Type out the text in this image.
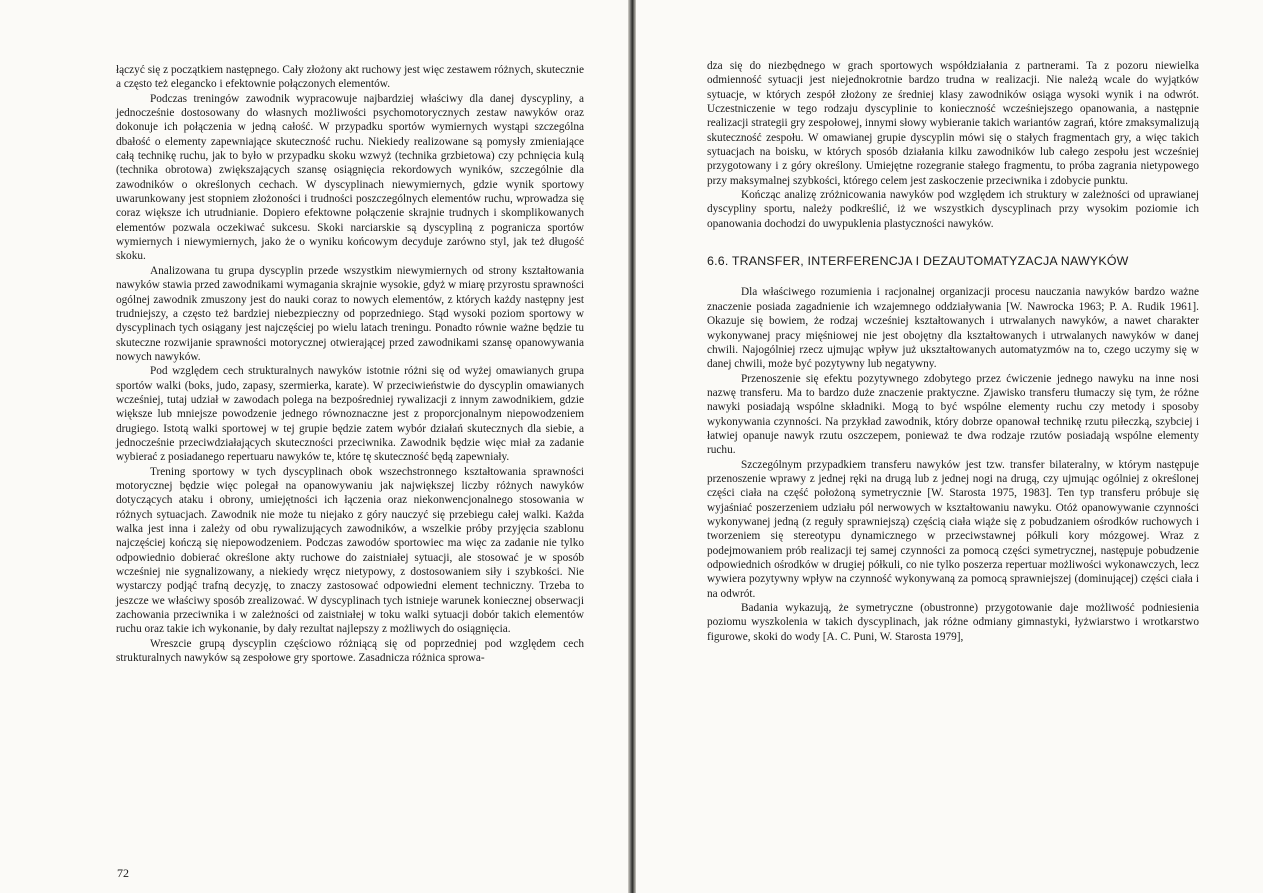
łączyć się z początkiem następnego. Cały złożony akt ruchowy jest więc zestawem różnych, skutecznie a często też elegancko i efektownie połączonych elementów.

Podczas treningów zawodnik wypracowuje najbardziej właściwy dla danej dyscypliny, a jednocześnie dostosowany do własnych możliwości psychomotorycznych zestaw nawyków oraz dokonuje ich połączenia w jedną całość. W przypadku sportów wymiernych wystąpi szczególna dbałość o elementy zapewniające skuteczność ruchu. Niekiedy realizowane są pomysły zmieniające całą technikę ruchu, jak to było w przypadku skoku wzwyż (technika grzbietowa) czy pchnięcia kulą (technika obrotowa) zwiększających szansę osiągnięcia rekordowych wyników, szczególnie dla zawodników o określonych cechach. W dyscyplinach niewymiernych, gdzie wynik sportowy uwarunkowany jest stopniem złożoności i trudności poszczególnych elementów ruchu, wprowadza się coraz większe ich utrudnianie. Dopiero efektowne połączenie skrajnie trudnych i skomplikowanych elementów pozwala oczekiwać sukcesu. Skoki narciarskie są dyscypliną z pogranicza sportów wymiernych i niewymiernych, jako że o wyniku końcowym decyduje zarówno styl, jak też długość skoku.

Analizowana tu grupa dyscyplin przede wszystkim niewymiernych od strony kształtowania nawyków stawia przed zawodnikami wymagania skrajnie wysokie, gdyż w miarę przyrostu sprawności ogólnej zawodnik zmuszony jest do nauki coraz to nowych elementów, z których każdy następny jest trudniejszy, a często też bardziej niebezpieczny od poprzedniego. Stąd wysoki poziom sportowy w dyscyplinach tych osiągany jest najczęściej po wielu latach treningu. Ponadto równie ważne będzie tu skuteczne rozwijanie sprawności motorycznej otwierającej przed zawodnikami szansę opanowywania nowych nawyków.

Pod względem cech strukturalnych nawyków istotnie różni się od wyżej omawianych grupa sportów walki (boks, judo, zapasy, szermierka, karate). W przeciwieństwie do dyscyplin omawianych wcześniej, tutaj udział w zawodach polega na bezpośredniej rywalizacji z innym zawodnikiem, gdzie większe lub mniejsze powodzenie jednego równoznaczne jest z proporcjonalnym niepowodzeniem drugiego. Istotą walki sportowej w tej grupie będzie zatem wybór działań skutecznych dla siebie, a jednocześnie przeciwdziałających skuteczności przeciwnika. Zawodnik będzie więc miał za zadanie wybierać z posiadanego repertuaru nawyków te, które tę skuteczność będą zapewniały.

Trening sportowy w tych dyscyplinach obok wszechstronnego kształtowania sprawności motorycznej będzie więc polegał na opanowywaniu jak największej liczby różnych nawyków dotyczących ataku i obrony, umiejętności ich łączenia oraz niekonwencjonalnego stosowania w różnych sytuacjach. Zawodnik nie może tu niejako z góry nauczyć się przebiegu całej walki. Każda walka jest inna i zależy od obu rywalizujących zawodników, a wszelkie próby przyjęcia szablonu najczęściej kończą się niepowodzeniem. Podczas zawodów sportowiec ma więc za zadanie nie tylko odpowiednio dobierać określone akty ruchowe do zaistniałej sytuacji, ale stosować je w sposób wcześniej nie sygnalizowany, a niekiedy wręcz nietypowy, z dostosowaniem siły i szybkości. Nie wystarczy podjąć trafną decyzję, to znaczy zastosować odpowiedni element techniczny. Trzeba to jeszcze we właściwy sposób zrealizować. W dyscyplinach tych istnieje warunek koniecznej obserwacji zachowania przeciwnika i w zależności od zaistniałej w toku walki sytuacji dobór takich elementów ruchu oraz takie ich wykonanie, by dały rezultat najlepszy z możliwych do osiągnięcia.

Wreszcie grupą dyscyplin częściowo różniącą się od poprzedniej pod względem cech strukturalnych nawyków są zespołowe gry sportowe. Zasadnicza różnica sprowa-

72

dza się do niezbędnego w grach sportowych współdziałania z partnerami. Ta z pozoru niewielka odmienność sytuacji jest niejednokrotnie bardzo trudna w realizacji. Nie należą wcale do wyjątków sytuacje, w których zespół złożony ze średniej klasy zawodników osiąga wysoki wynik i na odwrót. Uczestniczenie w tego rodzaju dyscyplinie to konieczność wcześniejszego opanowania, a następnie realizacji strategii gry zespołowej, innymi słowy wybieranie takich wariantów zagrań, które zmaksymalizują skuteczność zespołu. W omawianej grupie dyscyplin mówi się o stałych fragmentach gry, a więc takich sytuacjach na boisku, w których sposób działania kilku zawodników lub całego zespołu jest wcześniej przygotowany i z góry określony. Umiejętne rozegranie stałego fragmentu, to próba zagrania nietypowego przy maksymalnej szybkości, którego celem jest zaskoczenie przeciwnika i zdobycie punktu.

Kończąc analizę zróżnicowania nawyków pod względem ich struktury w zależności od uprawianej dyscypliny sportu, należy podkreślić, iż we wszystkich dyscyplinach przy wysokim poziomie ich opanowania dochodzi do uwypuklenia plastyczności nawyków.

6.6. TRANSFER, INTERFERENCJA I DEZAUTOMATYZACJA NAWYKÓW

Dla właściwego rozumienia i racjonalnej organizacji procesu nauczania nawyków bardzo ważne znaczenie posiada zagadnienie ich wzajemnego oddziaływania [W. Nawrocka 1963; P. A. Rudik 1961]. Okazuje się bowiem, że rodzaj wcześniej kształtowanych i utrwalanych nawyków, a nawet charakter wykonywanej pracy mięśniowej nie jest obojętny dla kształtowanych i utrwalanych nawyków w danej chwili. Najogólniej rzecz ujmując wpływ już ukształtowanych automatyzmów na to, czego uczymy się w danej chwili, może być pozytywny lub negatywny.

Przenoszenie się efektu pozytywnego zdobytego przez ćwiczenie jednego nawyku na inne nosi nazwę transferu. Ma to bardzo duże znaczenie praktyczne. Zjawisko transferu tłumaczy się tym, że różne nawyki posiadają wspólne składniki. Mogą to być wspólne elementy ruchu czy metody i sposoby wykonywania czynności. Na przykład zawodnik, który dobrze opanował technikę rzutu piłeczką, szybciej i łatwiej opanuje nawyk rzutu oszczepem, ponieważ te dwa rodzaje rzutów posiadają wspólne elementy ruchu.

Szczególnym przypadkiem transferu nawyków jest tzw. transfer bilateralny, w którym następuje przenoszenie wprawy z jednej ręki na drugą lub z jednej nogi na drugą, czy ujmując ogólniej z określonej części ciała na część położoną symetrycznie [W. Starosta 1975, 1983]. Ten typ transferu próbuje się wyjaśniać poszerzeniem udziału pól nerwowych w kształtowaniu nawyku. Otóż opanowywanie czynności wykonywanej jedną (z reguły sprawniejszą) częścią ciała wiąże się z pobudzaniem ośrodków ruchowych i tworzeniem się stereotypu dynamicznego w przeciwstawnej półkuli kory mózgowej. Wraz z podejmowaniem prób realizacji tej samej czynności za pomocą części symetrycznej, następuje pobudzenie odpowiednich ośrodków w drugiej półkuli, co nie tylko poszerza repertuar możliwości wykonawczych, lecz wywiera pozytywny wpływ na czynność wykonywaną za pomocą sprawniejszej (dominującej) części ciała i na odwrót.

Badania wykazują, że symetryczne (obustronne) przygotowanie daje możliwość podniesienia poziomu wyszkolenia w takich dyscyplinach, jak różne odmiany gimnastyki, łyżwiarstwo i wrotkarstwo figurowe, skoki do wody [A. C. Puni, W. Starosta 1979],
